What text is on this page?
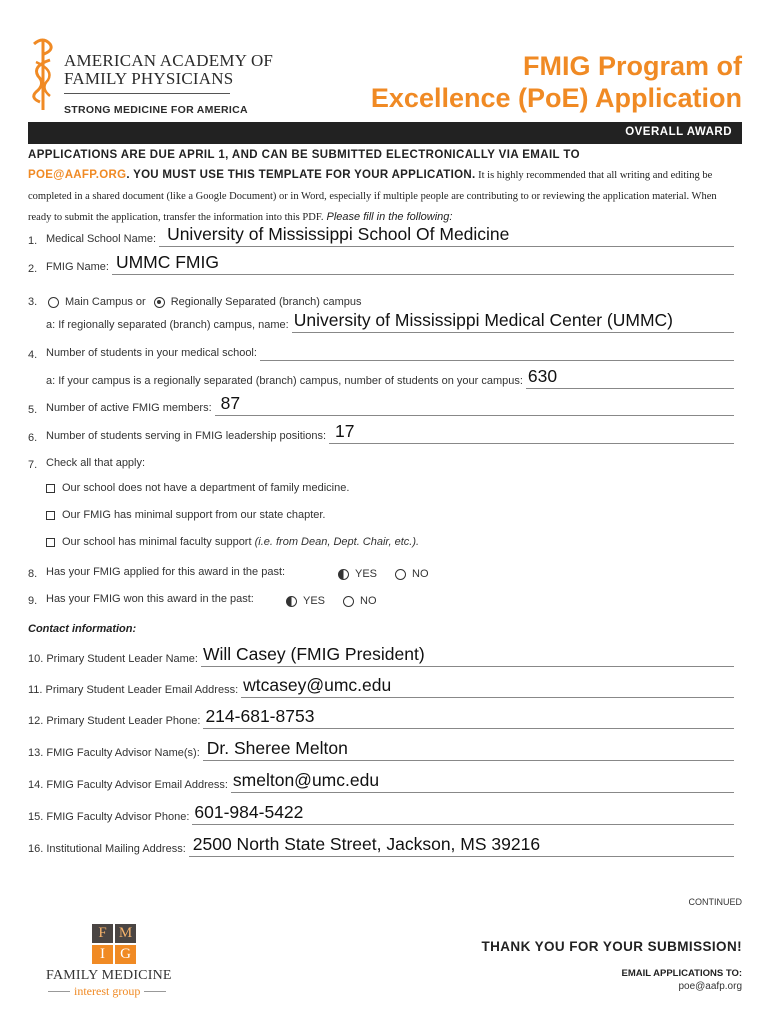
AMERICAN ACADEMY OF
FAMILY PHYSICIANS
STRONG MEDICINE FOR AMERICA
FMIG Program of
Excellence (PoE) Application
OVERALL AWARD
APPLICATIONS ARE DUE APRIL 1, AND CAN BE SUBMITTED ELECTRONICALLY VIA EMAIL TO
POE@AAFP.ORG. YOU MUST USE THIS TEMPLATE FOR YOUR APPLICATION. It is highly recommended that all writing and editing be completed in a shared document (like a Google Document) or in Word, especially if multiple people are contributing to or reviewing the application material. When ready to submit the application, transfer the information into this PDF. Please fill in the following:
1. Medical School Name: University of Mississippi School Of Medicine
2. FMIG Name: UMMC FMIG
3.	Main Campus or Regionally Separated (branch) campus
a: If regionally separated (branch) campus, name: University of Mississippi Medical Center (UMMC)
4. Number of students in your medical school:
a: If your campus is a regionally separated (branch) campus, number of students on your campus: 630
5. Number of active FMIG members: 87
6. Number of students serving in FMIG leadership positions: 17
7. Check all that apply:
Our school does not have a department of family medicine.
Our FMIG has minimal support from our state chapter.
Our school has minimal faculty support
(i.e. from Dean, Dept. Chair, etc.).
8. Has your FMIG applied for this award in the past:	YES	NO
9. Has your FMIG won this award in the past:	YES	NO
Contact information:
10. Primary Student Leader Name: Will Casey (FMIG President)
11. Primary Student Leader Email Address: wtcasey@umc.edu
12. Primary Student Leader Phone: 214-681-8753
13. FMIG Faculty Advisor Name(s): Dr. Sheree Melton
14. FMIG Faculty Advisor Email Address: smelton@umc.edu
15. FMIG Faculty Advisor Phone: 601-984-5422
16. Institutional Mailing Address: 2500 North State Street, Jackson, MS 39216
CONTINUED
F M
I	G
FAMILY MEDICINE
interest group
THANK YOU FOR YOUR SUBMISSION!
EMAIL APPLICATIONS TO:
poe@aafp.org
